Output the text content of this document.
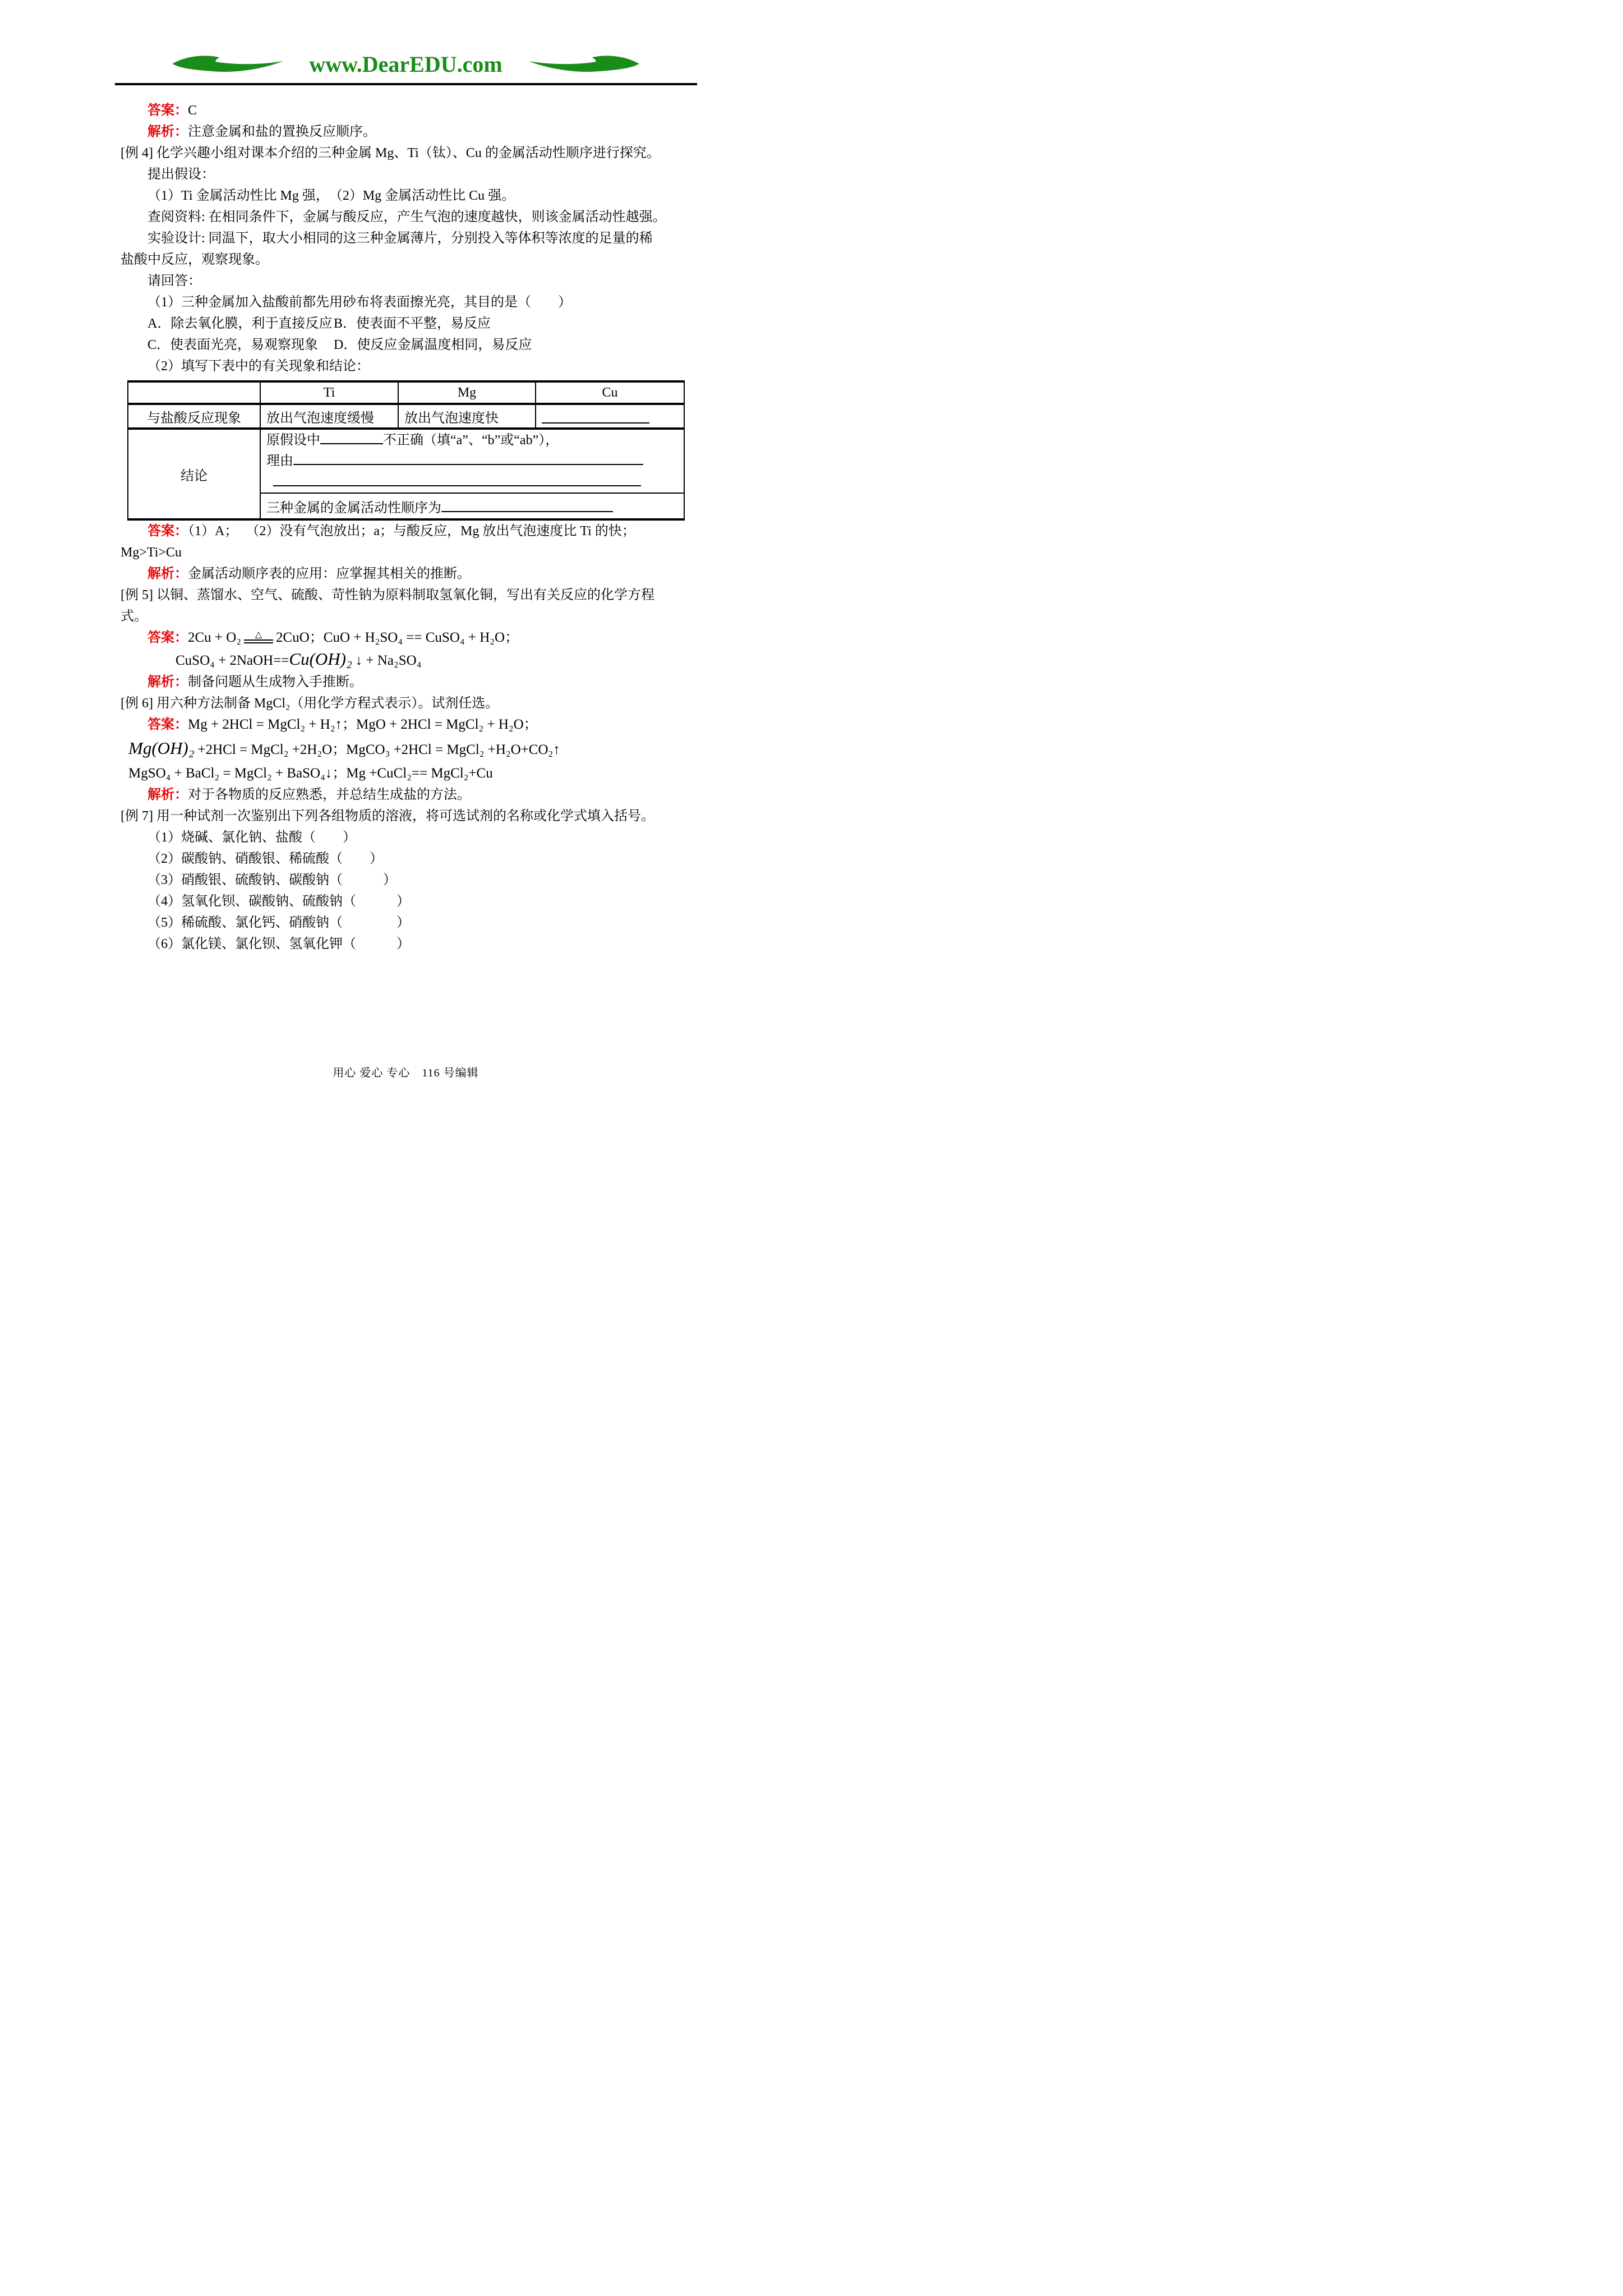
www.DearEDU.com

答案：C

解析：注意金属和盐的置换反应顺序。

[例 4] 化学兴趣小组对课本介绍的三种金属 Mg、Ti（钛）、Cu 的金属活动性顺序进行探究。

提出假设：

（1）Ti 金属活动性比 Mg 强，　（2）Mg 金属活动性比 Cu 强。

查阅资料: 在相同条件下，金属与酸反应，产生气泡的速度越快，则该金属活动性越强。

实验设计: 同温下，取大小相同的这三种金属薄片，分别投入等体积等浓度的足量的稀

盐酸中反应，观察现象。

请回答：

（1）三种金属加入盐酸前都先用砂布将表面擦光亮，其目的是（　　）

A．除去氧化膜，利于直接反应 B．使表面不平整，易反应

C．使表面光亮，易观察现象 D．使反应金属温度相同，易反应

（2）填写下表中的有关现象和结论：

	Ti	Mg	Cu
与盐酸反应现象	放出气泡速度缓慢	放出气泡速度快	
结论	原假设中 不正确（填“a”、“b”或“ab”），
理由		

	三种金属的金属活动性顺序为		

答案：（1）A； （2）没有气泡放出；a；与酸反应，Mg 放出气泡速度比 Ti 的快；

Mg>Ti>Cu

解析：金属活动顺序表的应用：应掌握其相关的推断。

[例 5] 以铜、蒸馏水、空气、硫酸、苛性钠为原料制取氢氧化铜，写出有关反应的化学方程

式。

答案：2Cu + O₂ △ 2CuO；CuO + H₂SO₄ == CuSO₄ + H₂O；

CuSO₄ + 2NaOH==Cu(OH)₂ ↓ + Na₂SO₄

解析：制备问题从生成物入手推断。

[例 6] 用六种方法制备 MgCl₂（用化学方程式表示）。试剂任选。

答案：Mg + 2HCl = MgCl₂ + H₂↑；MgO + 2HCl = MgCl₂ + H₂O；

Mg(OH)₂ +2HCl = MgCl₂ +2H₂O；MgCO₃ +2HCl = MgCl₂ +H₂O+CO₂↑

MgSO₄ + BaCl₂ = MgCl₂ + BaSO₄↓；Mg +CuCl₂== MgCl₂+Cu

解析：对于各物质的反应熟悉，并总结生成盐的方法。

[例 7] 用一种试剂一次鉴别出下列各组物质的溶液，将可选试剂的名称或化学式填入括号。

（1）烧碱、氯化钠、盐酸（　　）

（2）碳酸钠、硝酸银、稀硫酸（　　）

（3）硝酸银、硫酸钠、碳酸钠（　　　）

（4）氢氧化钡、碳酸钠、硫酸钠（　　　）

（5）稀硫酸、氯化钙、硝酸钠（　　　　）

（6）氯化镁、氯化钡、氢氧化钾（　　　）

用心 爱心 专心　116 号编辑
